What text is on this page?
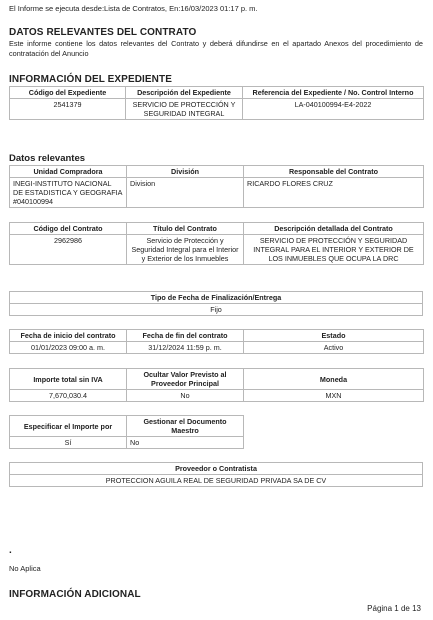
El Informe se ejecuta desde:Lista de Contratos, En:16/03/2023 01:17 p. m.
DATOS RELEVANTES DEL CONTRATO
Este informe contiene los datos relevantes del Contrato y deberá difundirse en el apartado Anexos del procedimiento de contratación del Anuncio
INFORMACIÓN DEL EXPEDIENTE
Código del Expediente	Descripción del Expediente	Referencia del Expediente / No. Control Interno
2541379	SERVICIO DE PROTECCIÓN Y SEGURIDAD INTEGRAL	LA-040100994-E4-2022
Datos relevantes
Unidad Compradora	División	Responsable del Contrato
INEGI-INSTITUTO NACIONAL DE ESTADISTICA Y GEOGRAFIA #040100994	Division	RICARDO FLORES CRUZ
Código del Contrato	Título del Contrato	Descripción detallada del Contrato
2962986	Servicio de Protección y Seguridad Integral para el Interior y Exterior de los Inmuebles	SERVICIO DE PROTECCIÓN Y SEGURIDAD INTEGRAL PARA EL INTERIOR Y EXTERIOR DE LOS INMUEBLES QUE OCUPA LA DRC
Tipo de Fecha de Finalización/Entrega
Fijo
Fecha de inicio del contrato	Fecha de fin del contrato	Estado
01/01/2023 09:00 a. m.	31/12/2024 11:59 p. m.	Activo
Importe total sin IVA	Ocultar Valor Previsto al Proveedor Principal	Moneda
7,670,030.4	No	MXN
Especificar el Importe por	Gestionar el Documento Maestro
Sí	No
Proveedor o Contratista
PROTECCION AGUILA REAL DE SEGURIDAD PRIVADA SA DE CV
.
No Aplica
INFORMACIÓN ADICIONAL
Página 1 de 13
